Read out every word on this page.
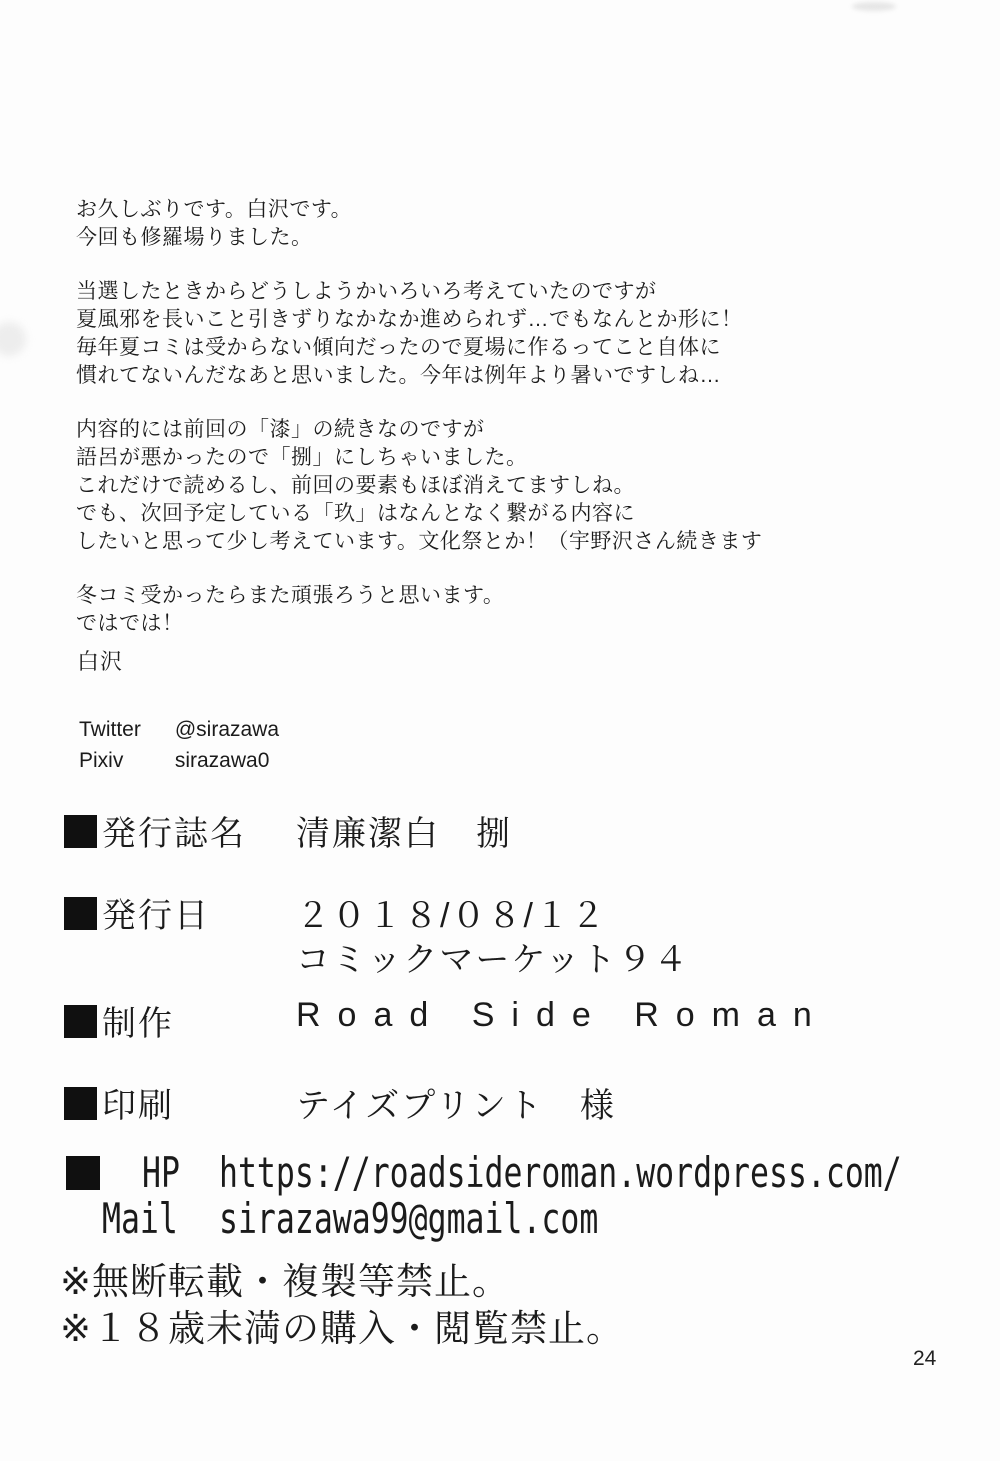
お久しぶりです。白沢です。
今回も修羅場りました。
当選したときからどうしようかいろいろ考えていたのですが
夏風邪を長いこと引きずりなかなか進められず…でもなんとか形に！
毎年夏コミは受からない傾向だったので夏場に作るってこと自体に
慣れてないんだなあと思いました。今年は例年より暑いですしね…
内容的には前回の「漆」の続きなのですが
語呂が悪かったので「捌」にしちゃいました。
これだけで読めるし、前回の要素もほぼ消えてますしね。
でも、次回予定している「玖」はなんとなく繋がる内容に
したいと思って少し考えています。文化祭とか！（宇野沢さん続きます
冬コミ受かったらまた頑張ろうと思います。
ではでは！
白沢
Twitter @sirazawa
Pixiv sirazawa0
発行誌名 清廉潔白　捌
発行日	２０１８/０８/１２
コミックマーケット９４
制作	Road Side Roman
印刷	テイズプリント　様
HP https://roadsideroman.wordpress.com/
Mail sirazawa99@gmail.com
※無断転載・複製等禁止。
※１８歳未満の購入・閲覧禁止。
24
